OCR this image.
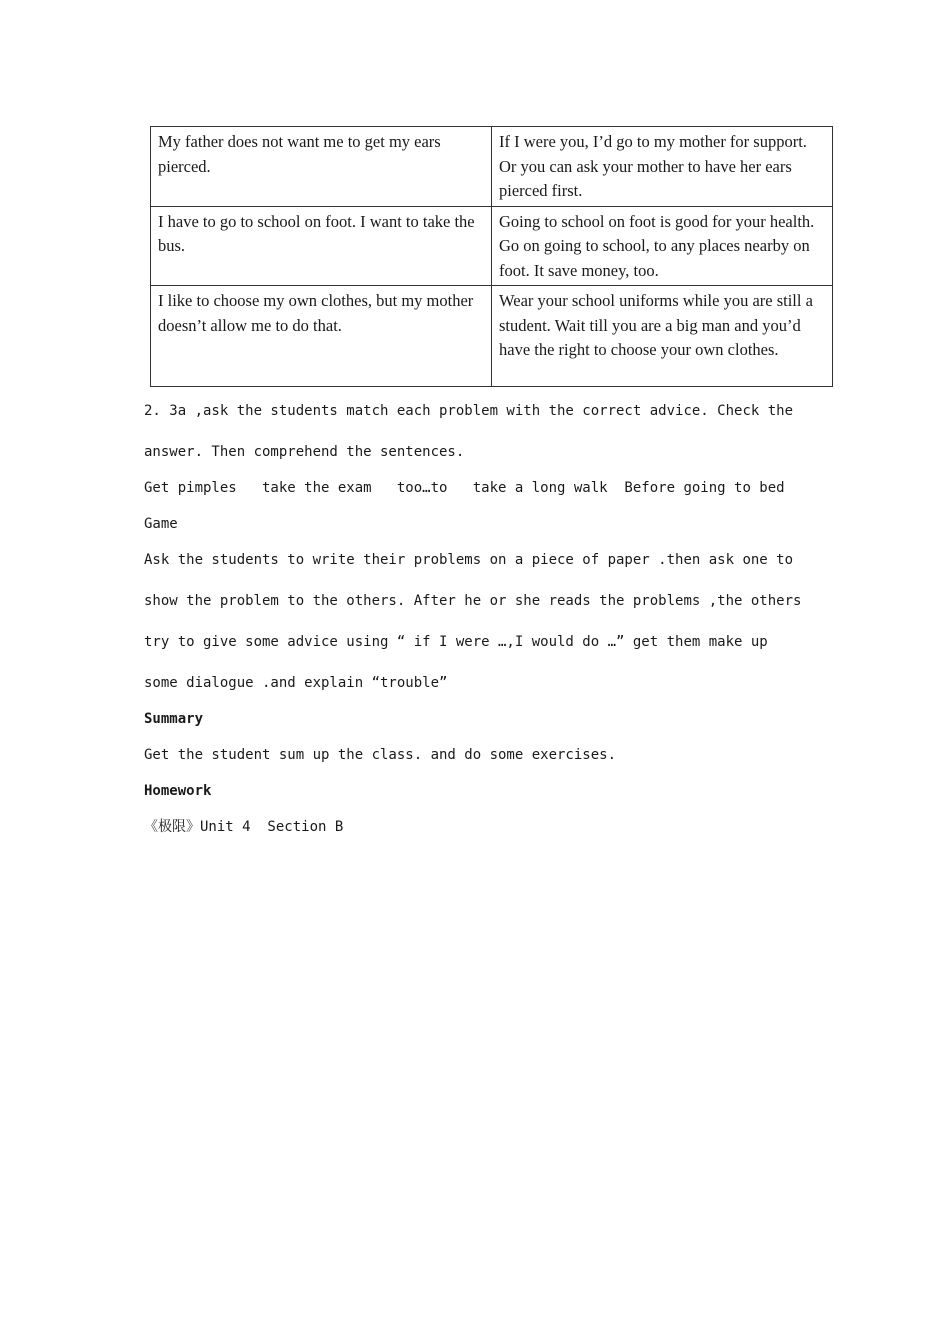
My father does not want me to get my ears pierced.	If I were you, I’d go to my mother for support. Or you can ask your mother to have her ears pierced first.
I have to go to school on foot. I want to take the bus.	Going to school on foot is good for your health. Go on going to school, to any places nearby on foot. It save money, too.
I like to choose my own clothes, but my mother doesn’t allow me to do that.	Wear your school uniforms while you are still a student. Wait till you are a big man and you’d have the right to choose your own clothes.
2. 3a ,ask the students match each problem with the correct advice. Check the
answer. Then comprehend the sentences.
Get pimples   take the exam   too…to   take a long walk  Before going to bed
Game
Ask the students to write their problems on a piece of paper .then ask one to
show the problem to the others. After he or she reads the problems ,the others
try to give some advice using “ if I were …,I would do …” get them make up
some dialogue .and explain “trouble”
Summary
Get the student sum up the class. and do some exercises.
Homework
《极限》Unit 4  Section B
